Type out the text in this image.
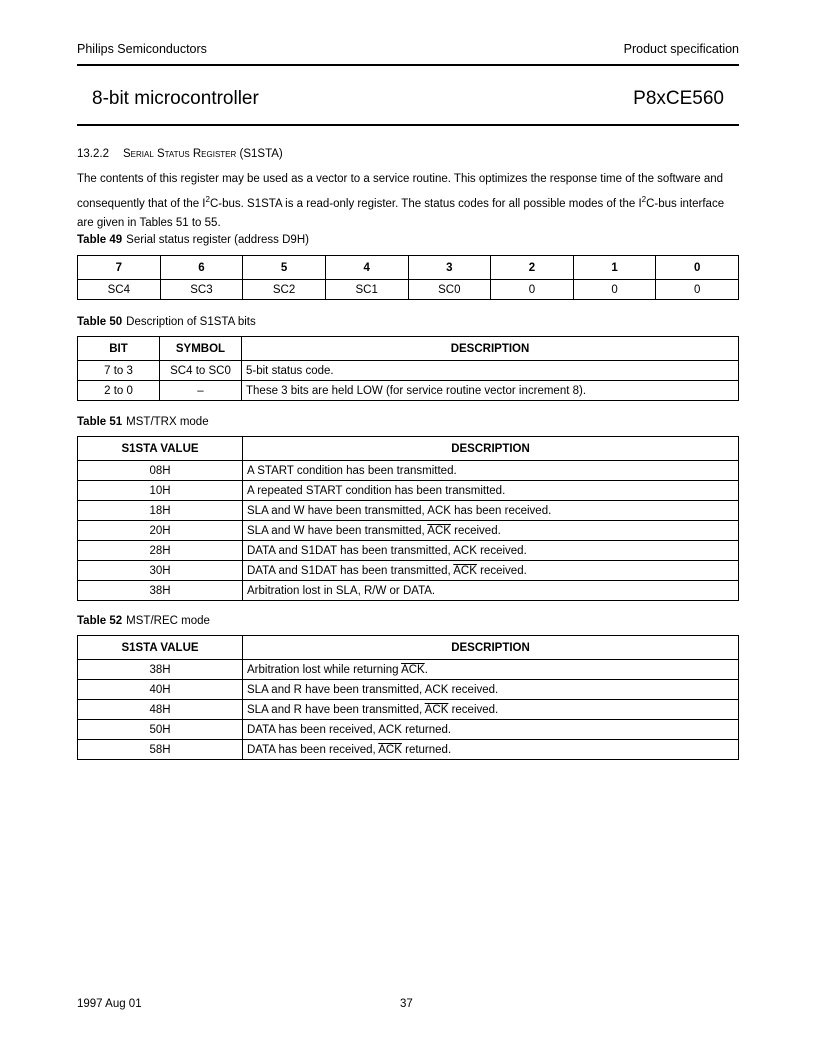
Philips Semiconductors	Product specification
8-bit microcontroller	P8xCE560
13.2.2 Serial Status Register (S1STA)
The contents of this register may be used as a vector to a service routine. This optimizes the response time of the software and consequently that of the $I^2C$-bus. S1STA is a read-only register. The status codes for all possible modes of the $I^2C$-bus interface are given in Tables 51 to 55.
Table 49 Serial status register (address D9H)
7	6	5	4	3	2	1	0
SC4	SC3	SC2	SC1	SC0	0	0	0
Table 50 Description of S1STA bits
BIT	SYMBOL	DESCRIPTION
7 to 3	SC4 to SC0	5-bit status code.
2 to 0	–	These 3 bits are held LOW (for service routine vector increment 8).
Table 51 MST/TRX mode
S1STA VALUE	DESCRIPTION
08H	A START condition has been transmitted.
10H	A repeated START condition has been transmitted.
18H	SLA and W have been transmitted, ACK has been received.
20H	SLA and W have been transmitted, $\overline{ACK}$ received.
28H	DATA and S1DAT has been transmitted, ACK received.
30H	DATA and S1DAT has been transmitted, $\overline{ACK}$ received.
38H	Arbitration lost in SLA, R/W or DATA.
Table 52 MST/REC mode
S1STA VALUE	DESCRIPTION
38H	Arbitration lost while returning $\overline{ACK}$.
40H	SLA and R have been transmitted, ACK received.
48H	SLA and R have been transmitted, $\overline{ACK}$ received.
50H	DATA has been received, ACK returned.
58H	DATA has been received, $\overline{ACK}$ returned.
1997 Aug 01	37
